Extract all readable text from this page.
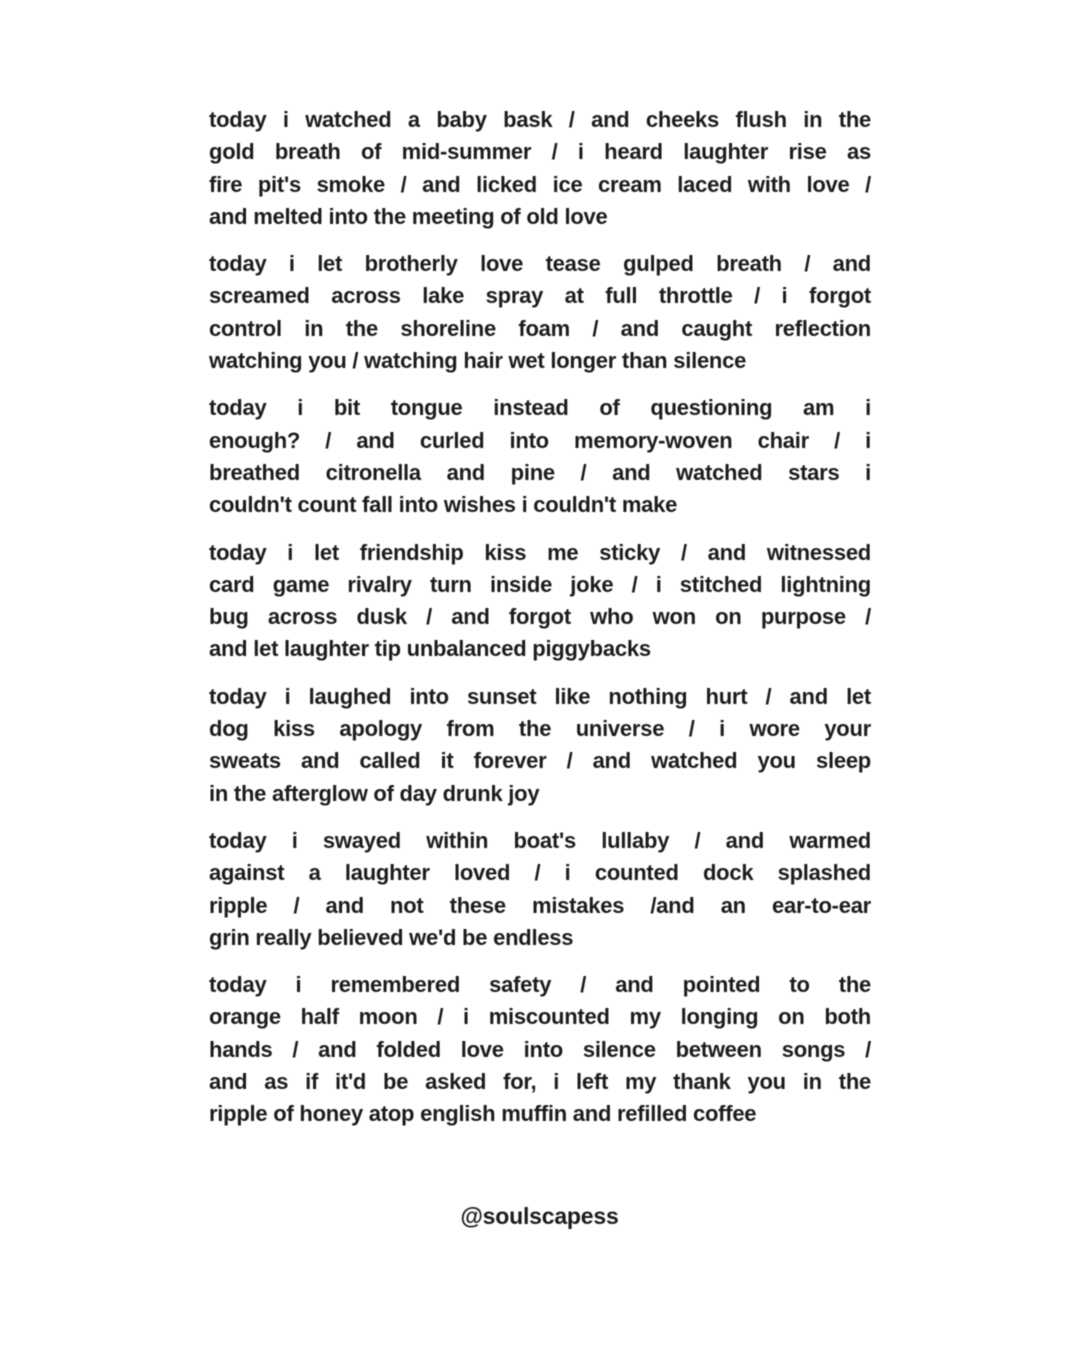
today i watched a baby bask / and cheeks flush in the
gold breath of mid-summer / i heard laughter rise as
fire pit's smoke / and licked ice cream laced with love /
and melted into the meeting of old love
today i let brotherly love tease gulped breath / and
screamed across lake spray at full throttle / i forgot
control in the shoreline foam / and caught reflection
watching you / watching hair wet longer than silence
today i bit tongue instead of questioning am i
enough? / and curled into memory-woven chair / i
breathed citronella and pine / and watched stars i
couldn't count fall into wishes i couldn't make
today i let friendship kiss me sticky / and witnessed
card game rivalry turn inside joke / i stitched lightning
bug across dusk / and forgot who won on purpose /
and let laughter tip unbalanced piggybacks
today i laughed into sunset like nothing hurt / and let
dog kiss apology from the universe / i wore your
sweats and called it forever / and watched you sleep
in the afterglow of day drunk joy
today i swayed within boat's lullaby / and warmed
against a laughter loved / i counted dock splashed
ripple / and not these mistakes /and an ear-to-ear
grin really believed we'd be endless
today i remembered safety / and pointed to the
orange half moon / i miscounted my longing on both
hands / and folded love into silence between songs /
and as if it'd be asked for, i left my thank you in the
ripple of honey atop english muffin and refilled coffee
@soulscapess
